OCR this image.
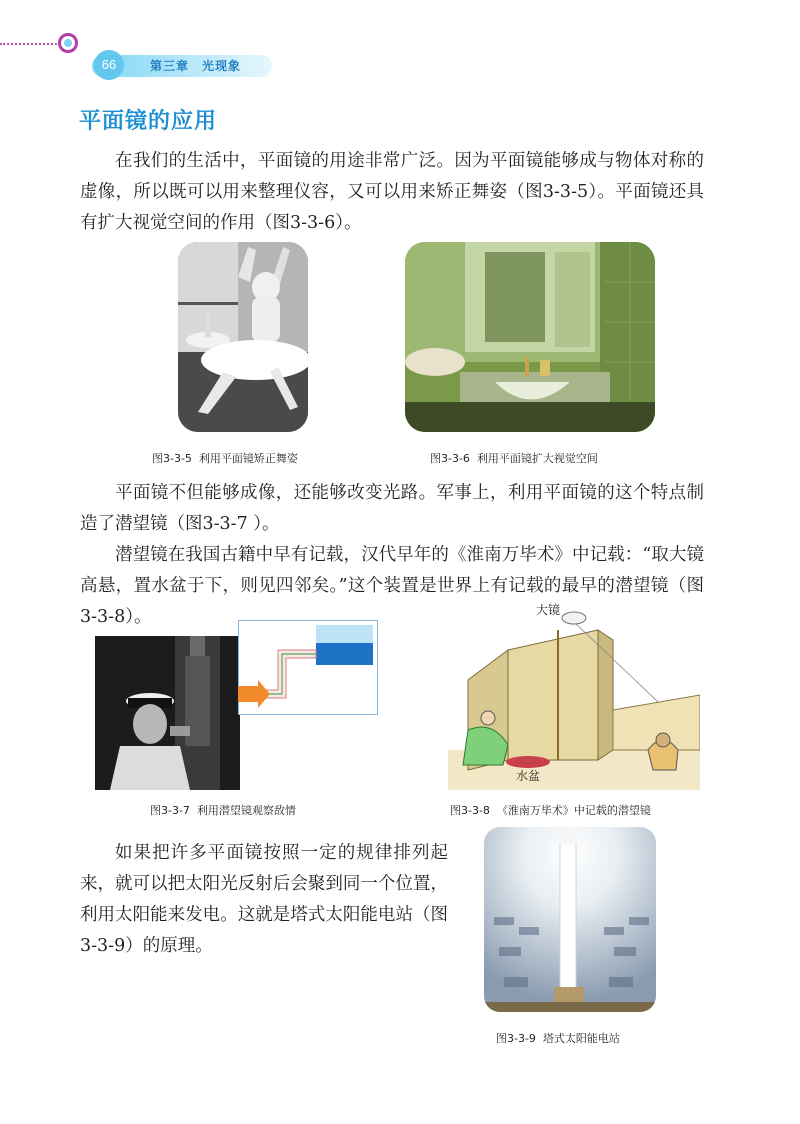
66	第三章　光现象
平面镜的应用

在我们的生活中，平面镜的用途非常广泛。因为平面镜能够成与物体对称的虚像，所以既可以用来整理仪容，又可以用来矫正舞姿（图3-3-5）。平面镜还具有扩大视觉空间的作用（图3-3-6）。

图3-3-5 利用平面镜矫正舞姿	图3-3-6 利用平面镜扩大视觉空间

平面镜不但能够成像，还能够改变光路。军事上，利用平面镜的这个特点制造了潜望镜（图3-3-7 ）。

潜望镜在我国古籍中早有记载，汉代早年的《淮南万毕术》中记载：“取大镜高悬，置水盆于下，则见四邻矣。”这个装置是世界上有记载的最早的潜望镜（图 3-3-8）。

图3-3-7 利用潜望镜观察敌情
大镜
水盆
图3-3-8 《淮南万毕术》中记载的潜望镜

如果把许多平面镜按照一定的规律排列起来，就可以把太阳光反射后会聚到同一个位置，利用太阳能来发电。这就是塔式太阳能电站（图3-3-9）的原理。

图3-3-9 塔式太阳能电站
